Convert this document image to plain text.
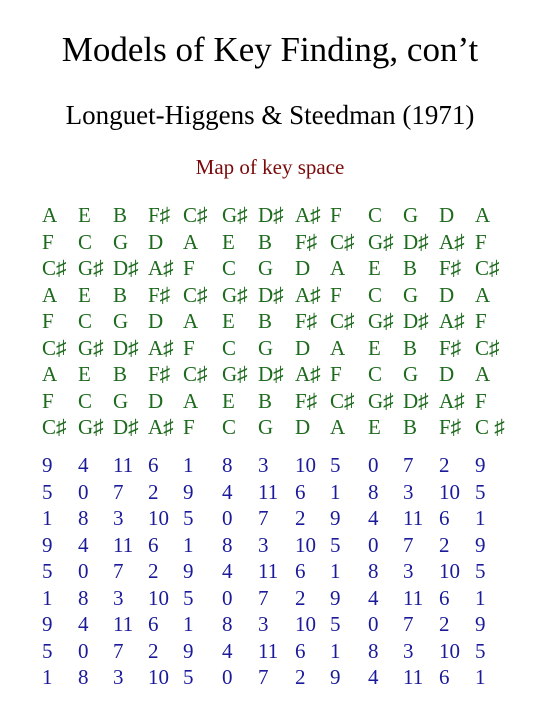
Models of Key Finding, con’t
Longuet-Higgens & Steedman (1971)
Map of key space
A E B F♯ C♯ G♯ D♯ A♯ F C G D A
F C G D A E B F♯ C♯ G♯ D♯ A♯ F
C♯ G♯ D♯ A♯ F C G D A E B F♯ C♯
A E B F♯ C♯ G♯ D♯ A♯ F C G D A
F C G D A E B F♯ C♯ G♯ D♯ A♯ F
C♯ G♯ D♯ A♯ F C G D A E B F♯ C♯
A E B F♯ C♯ G♯ D♯ A♯ F C G D A
F C G D A E B F♯ C♯ G♯ D♯ A♯ F
C♯ G♯ D♯ A♯ F C G D A E B F♯ C ♯
9 4 11 6 1 8 3 10 5 0 7 2 9
5 0 7 2 9 4 11 6 1 8 3 10 5
1 8 3 10 5 0 7 2 9 4 11 6 1
9 4 11 6 1 8 3 10 5 0 7 2 9
5 0 7 2 9 4 11 6 1 8 3 10 5
1 8 3 10 5 0 7 2 9 4 11 6 1
9 4 11 6 1 8 3 10 5 0 7 2 9
5 0 7 2 9 4 11 6 1 8 3 10 5
1 8 3 10 5 0 7 2 9 4 11 6 1
